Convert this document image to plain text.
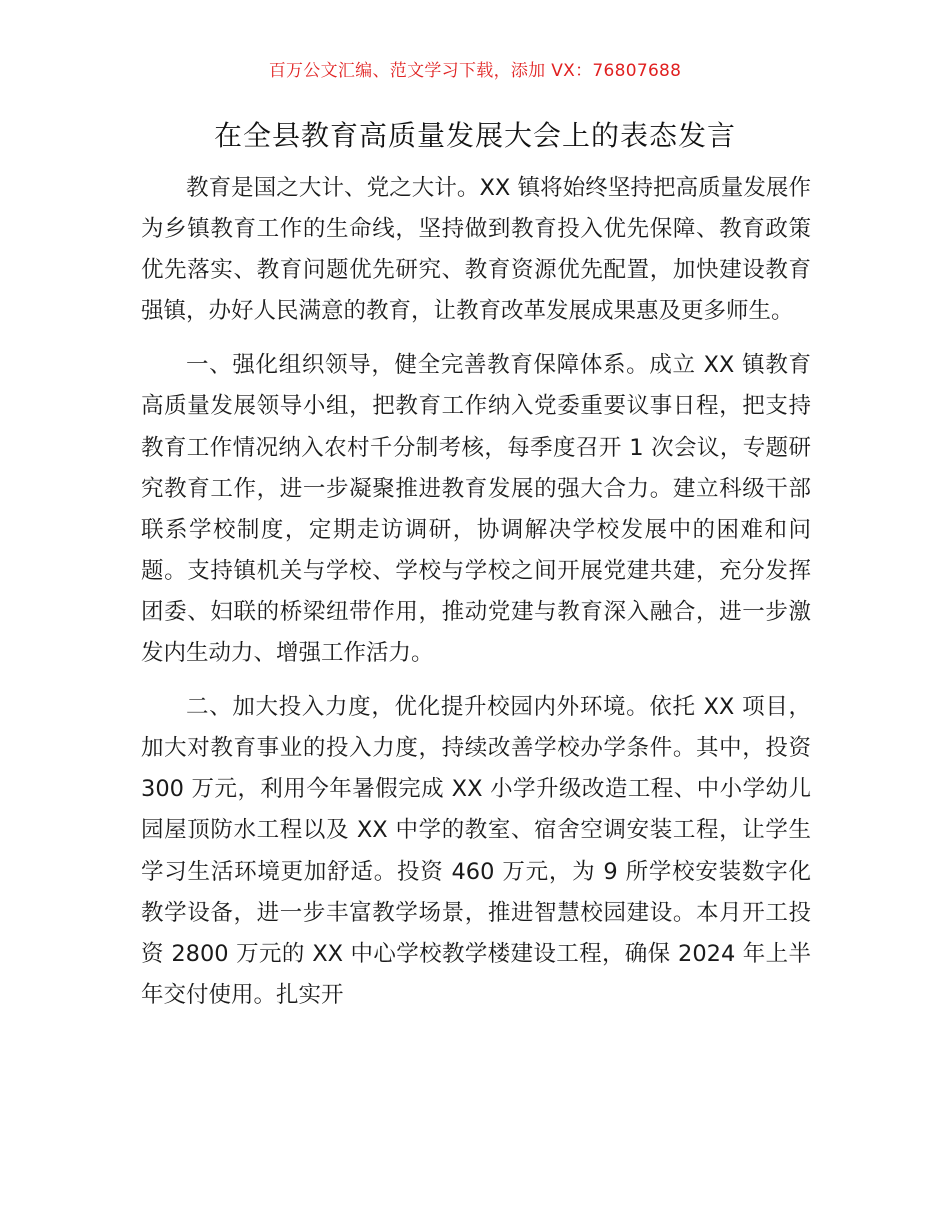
百万公文汇编、范文学习下载，添加 VX：76807688
在全县教育高质量发展大会上的表态发言

教育是国之大计、党之大计。XX 镇将始终坚持把高质量发展作为乡镇教育工作的生命线，坚持做到教育投入优先保障、教育政策优先落实、教育问题优先研究、教育资源优先配置，加快建设教育强镇，办好人民满意的教育，让教育改革发展成果惠及更多师生。

一、强化组织领导，健全完善教育保障体系。成立 XX 镇教育高质量发展领导小组，把教育工作纳入党委重要议事日程，把支持教育工作情况纳入农村千分制考核，每季度召开 1 次会议，专题研究教育工作，进一步凝聚推进教育发展的强大合力。建立科级干部联系学校制度，定期走访调研，协调解决学校发展中的困难和问题。支持镇机关与学校、学校与学校之间开展党建共建，充分发挥团委、妇联的桥梁纽带作用，推动党建与教育深入融合，进一步激发内生动力、增强工作活力。

二、加大投入力度，优化提升校园内外环境。依托 XX 项目，加大对教育事业的投入力度，持续改善学校办学条件。其中，投资 300 万元，利用今年暑假完成 XX 小学升级改造工程、中小学幼儿园屋顶防水工程以及 XX 中学的教室、宿舍空调安装工程，让学生学习生活环境更加舒适。投资 460 万元，为 9 所学校安装数字化教学设备，进一步丰富教学场景，推进智慧校园建设。本月开工投资 2800 万元的 XX 中心学校教学楼建设工程，确保 2024 年上半年交付使用。扎实开
